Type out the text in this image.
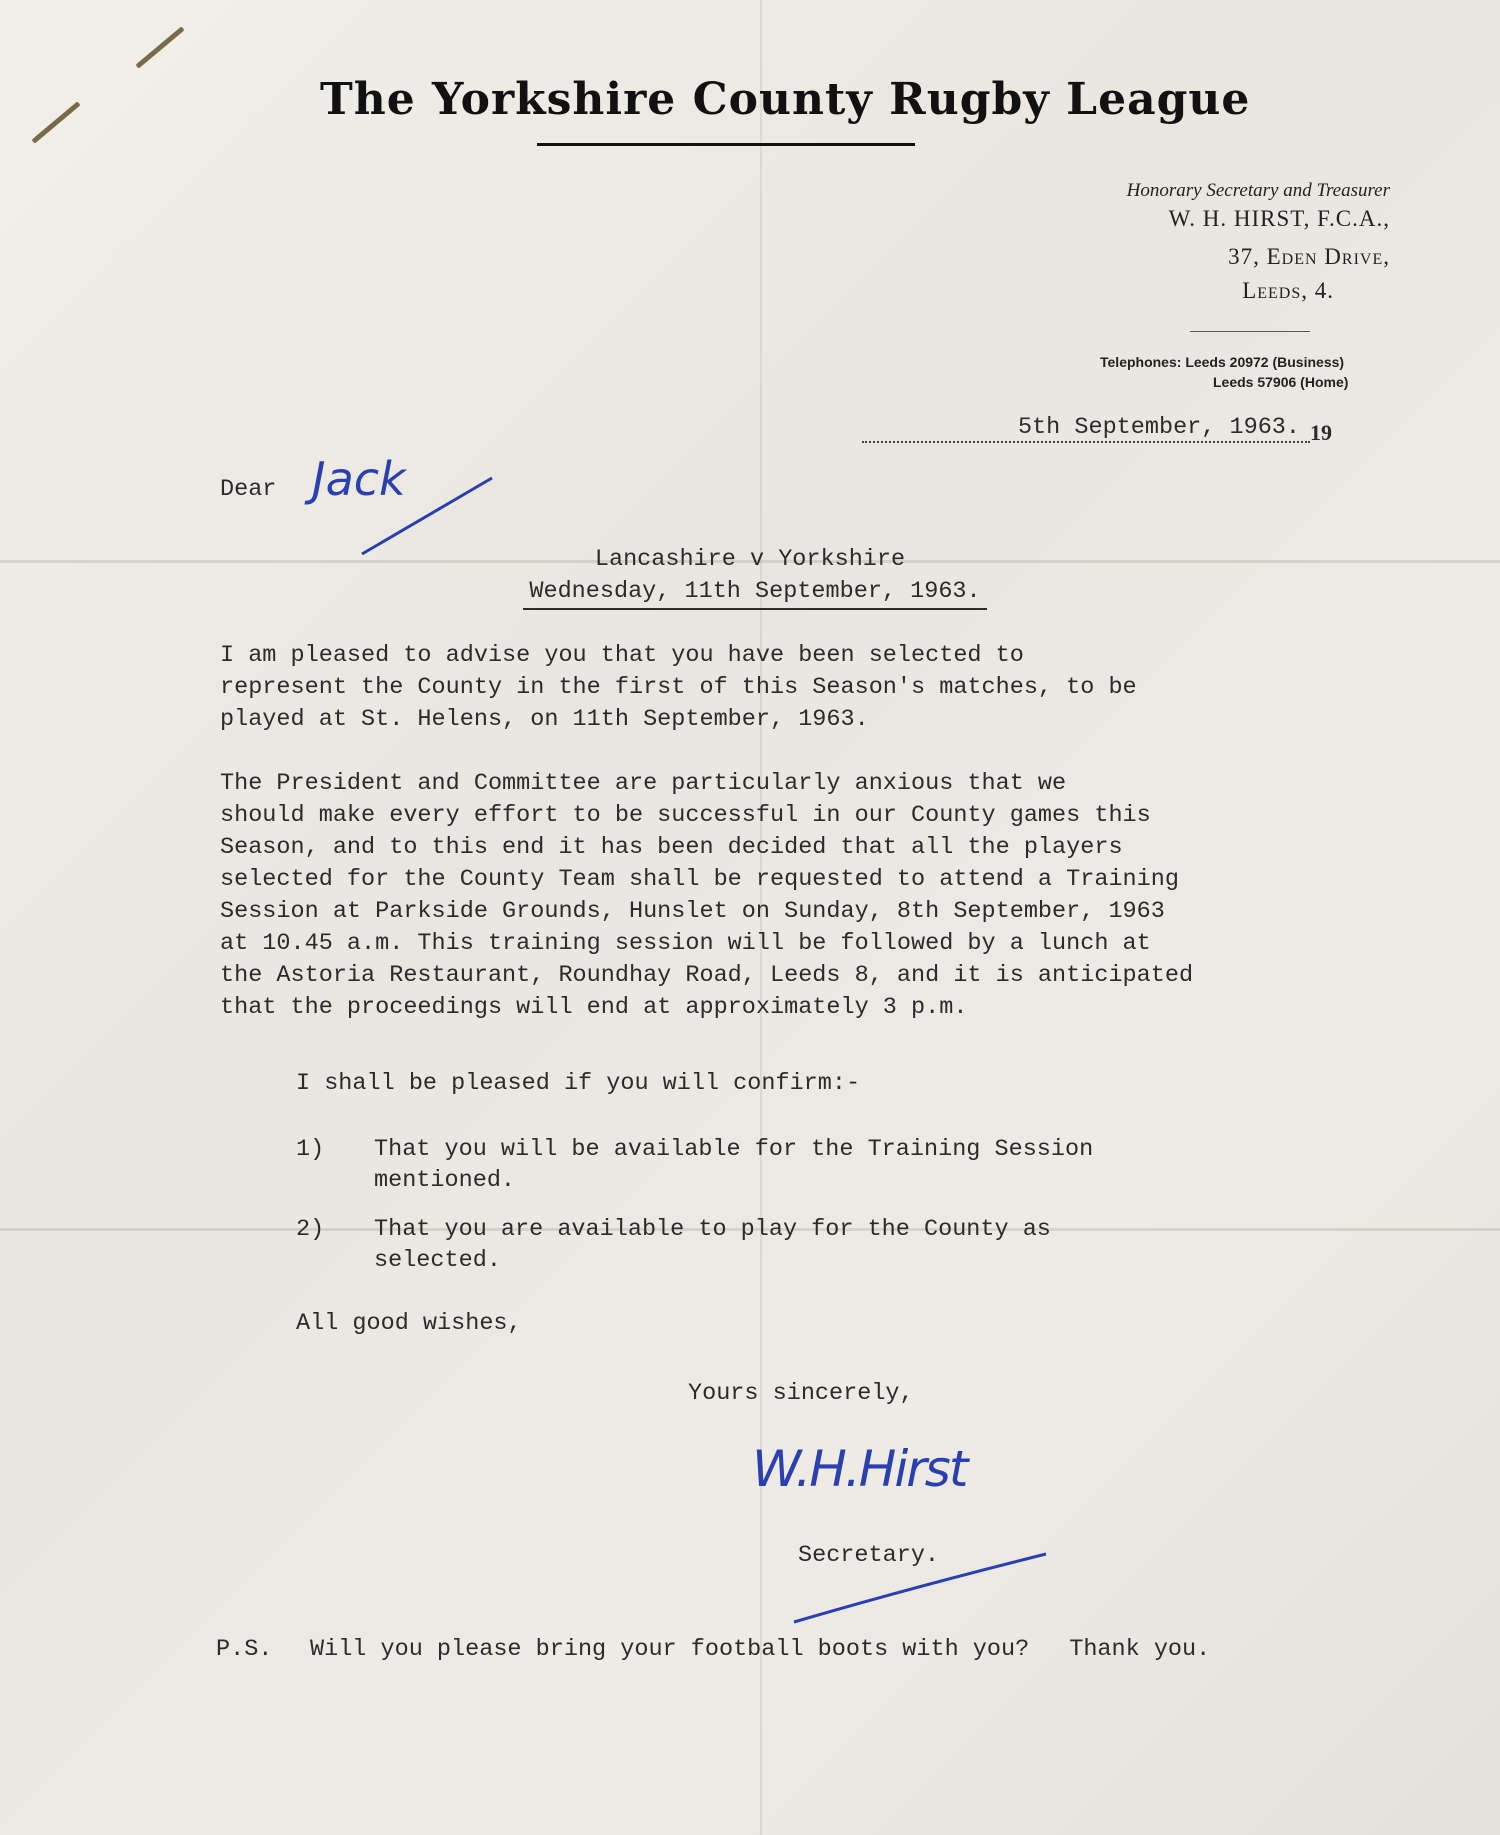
The Yorkshire County Rugby League
Honorary Secretary and Treasurer
W. H. HIRST, F.C.A.,
37, Eden Drive,
Leeds, 4.
Telephones: Leeds 20972 (Business)
Leeds 57906 (Home)
5th September, 1963. 19
Dear Jack
Lancashire v Yorkshire
Wednesday, 11th September, 1963.
I am pleased to advise you that you have been selected to
represent the County in the first of this Season's matches, to be
played at St. Helens, on 11th September, 1963.
The President and Committee are particularly anxious that we
should make every effort to be successful in our County games this
Season, and to this end it has been decided that all the players
selected for the County Team shall be requested to attend a Training
Session at Parkside Grounds, Hunslet on Sunday, 8th September, 1963
at 10.45 a.m. This training session will be followed by a lunch at
the Astoria Restaurant, Roundhay Road, Leeds 8, and it is anticipated
that the proceedings will end at approximately 3 p.m.
I shall be pleased if you will confirm:-
1) That you will be available for the Training Session
mentioned.
2) That you are available to play for the County as
selected.
All good wishes,
Yours sincerely,
W.H.Hirst
Secretary.
P.S. Will you please bring your football boots with you? Thank you.
